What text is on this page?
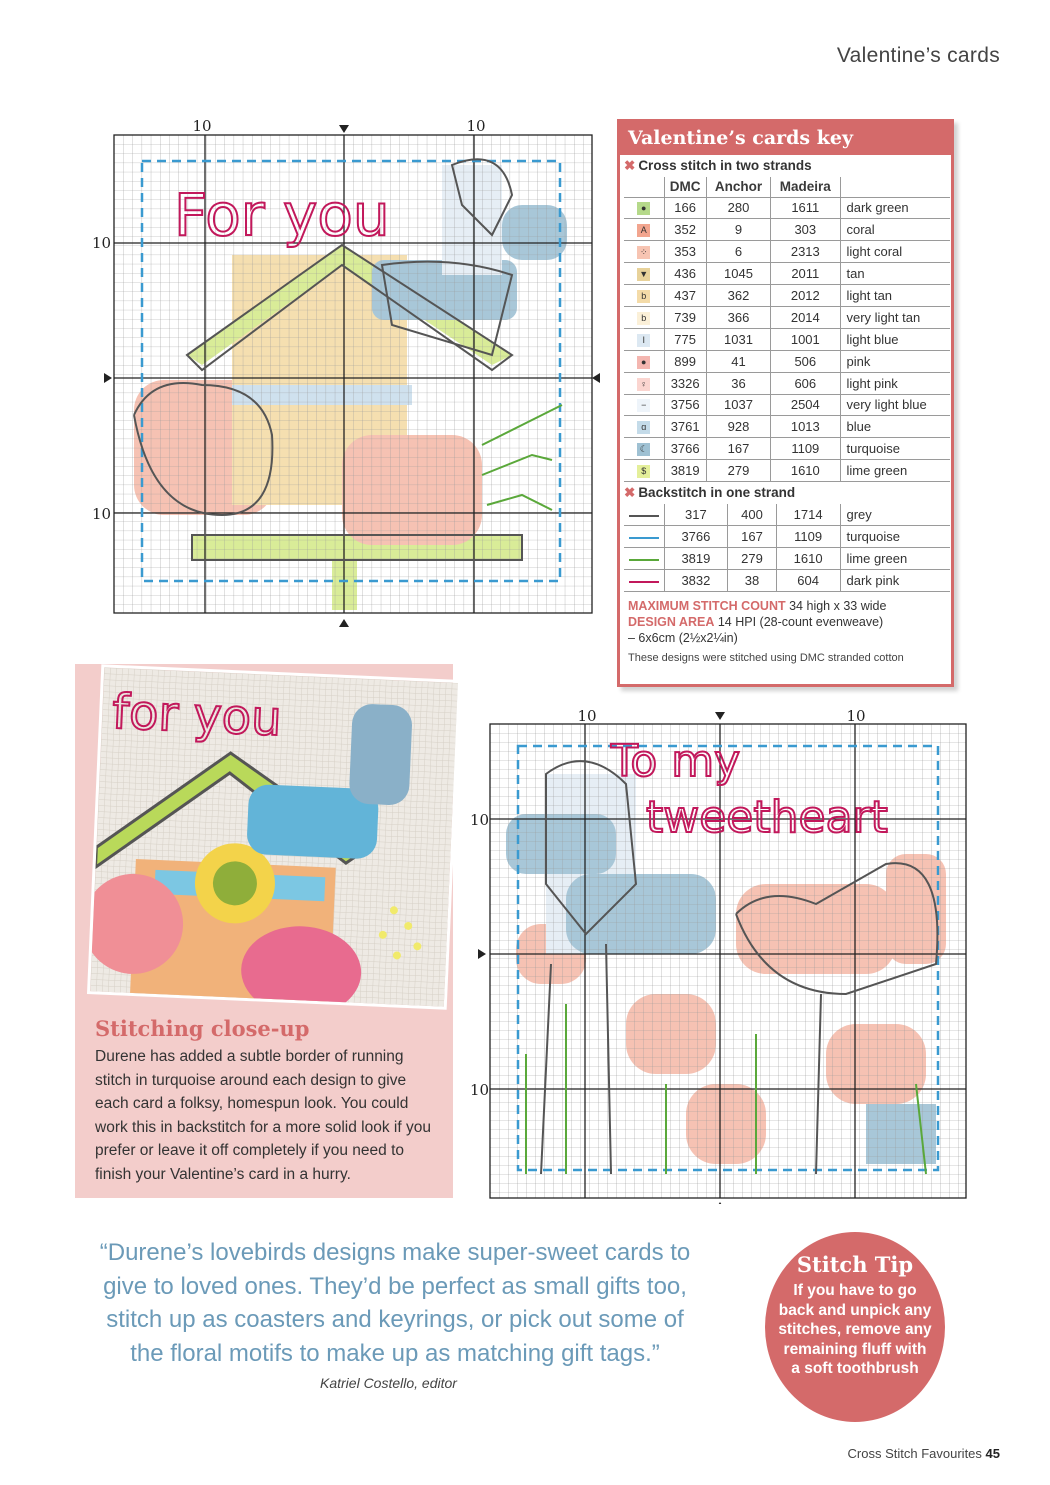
Valentine’s cards
For you
10	10
10
10
Valentine’s cards key
✖ Cross stitch in two strands
	DMC	Anchor	Madeira	
●	166	280	1611	dark green
A	352	9	303	coral
⁘	353	6	2313	light coral
▼	436	1045	2011	tan
b	437	362	2012	light tan
b	739	366	2014	very light tan
I	775	1031	1001	light blue
●	899	41	506	pink
♀	3326	36	606	light pink
−	3756	1037	2504	very light blue
ɑ	3761	928	1013	blue
☾	3766	167	1109	turquoise
$	3819	279	1610	lime green
✖ Backstitch in one strand
	317	400	1714	grey
	3766	167	1109	turquoise
	3819	279	1610	lime green
	3832	38	604	dark pink
MAXIMUM STITCH COUNT 34 high x 33 wide
DESIGN AREA 14 HPI (28-count evenweave)
– 6x6cm (2½x2¼in)
These designs were stitched using DMC stranded cotton
for you
Stitching close-up
Durene has added a subtle border of running stitch in turquoise around each design to give each card a folksy, homespun look. You could work this in backstitch for a more solid look if you prefer or leave it off completely if you need to finish your Valentine’s card in a hurry.
To my
tweetheart
10	10
10
10
“Durene’s lovebirds designs make super-sweet cards to
give to loved ones. They’d be perfect as small gifts too,
stitch up as coasters and keyrings, or pick out some of
the floral motifs to make up as matching gift tags.”
Katriel Costello, editor
Stitch Tip
If you have to go
back and unpick any
stitches, remove any
remaining fluff with
a soft toothbrush
Cross Stitch Favourites 45
